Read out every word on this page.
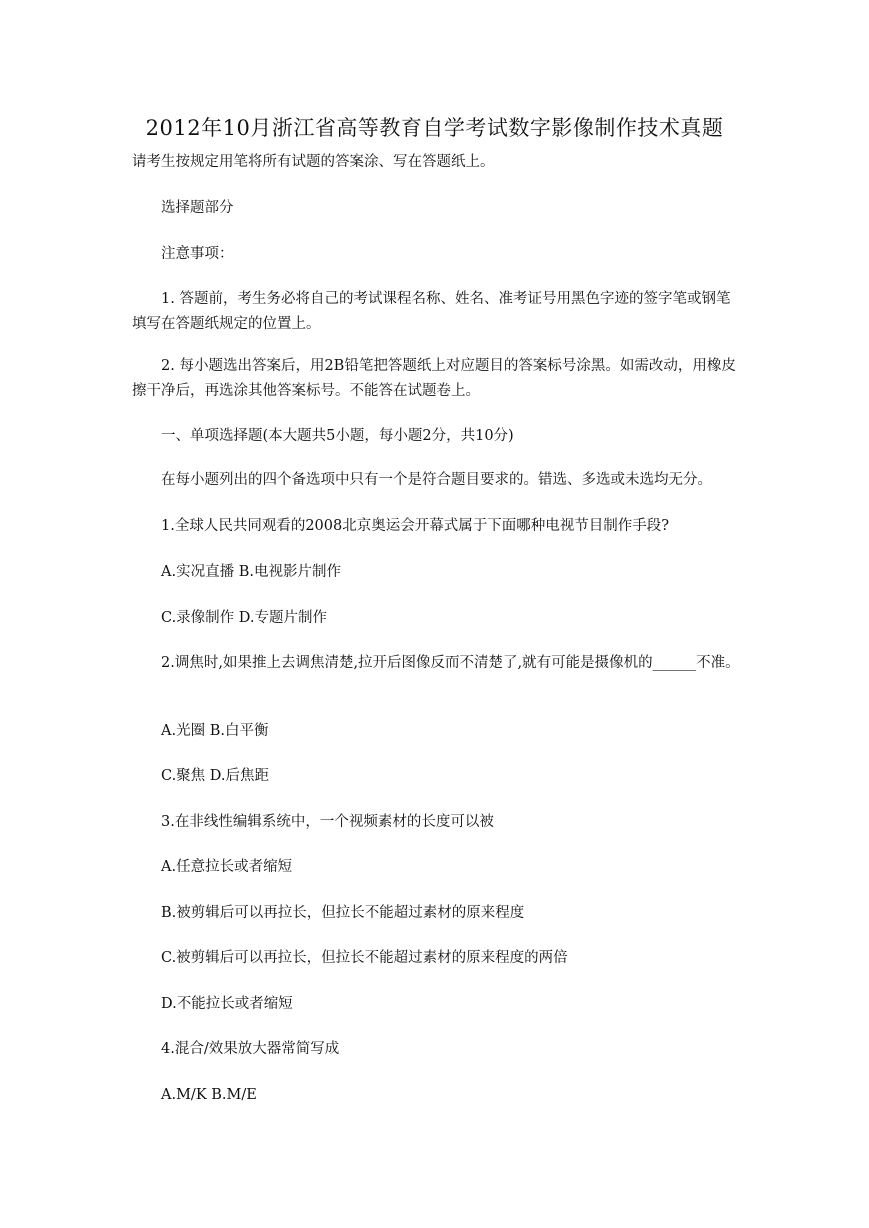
2012年10月浙江省高等教育自学考试数字影像制作技术真题
请考生按规定用笔将所有试题的答案涂、写在答题纸上。
选择题部分
注意事项：
1. 答题前，考生务必将自己的考试课程名称、姓名、准考证号用黑色字迹的签字笔或钢笔填写在答题纸规定的位置上。
2. 每小题选出答案后，用2B铅笔把答题纸上对应题目的答案标号涂黑。如需改动，用橡皮擦干净后，再选涂其他答案标号。不能答在试题卷上。
一、单项选择题(本大题共5小题，每小题2分，共10分)
在每小题列出的四个备选项中只有一个是符合题目要求的。错选、多选或未选均无分。
1.全球人民共同观看的2008北京奥运会开幕式属于下面哪种电视节目制作手段?
A.实况直播 B.电视影片制作
C.录像制作 D.专题片制作
2.调焦时,如果推上去调焦清楚,拉开后图像反而不清楚了,就有可能是摄像机的______不准。
A.光圈 B.白平衡
C.聚焦 D.后焦距
3.在非线性编辑系统中，一个视频素材的长度可以被
A.任意拉长或者缩短
B.被剪辑后可以再拉长，但拉长不能超过素材的原来程度
C.被剪辑后可以再拉长，但拉长不能超过素材的原来程度的两倍
D.不能拉长或者缩短
4.混合/效果放大器常简写成
A.M/K B.M/E
